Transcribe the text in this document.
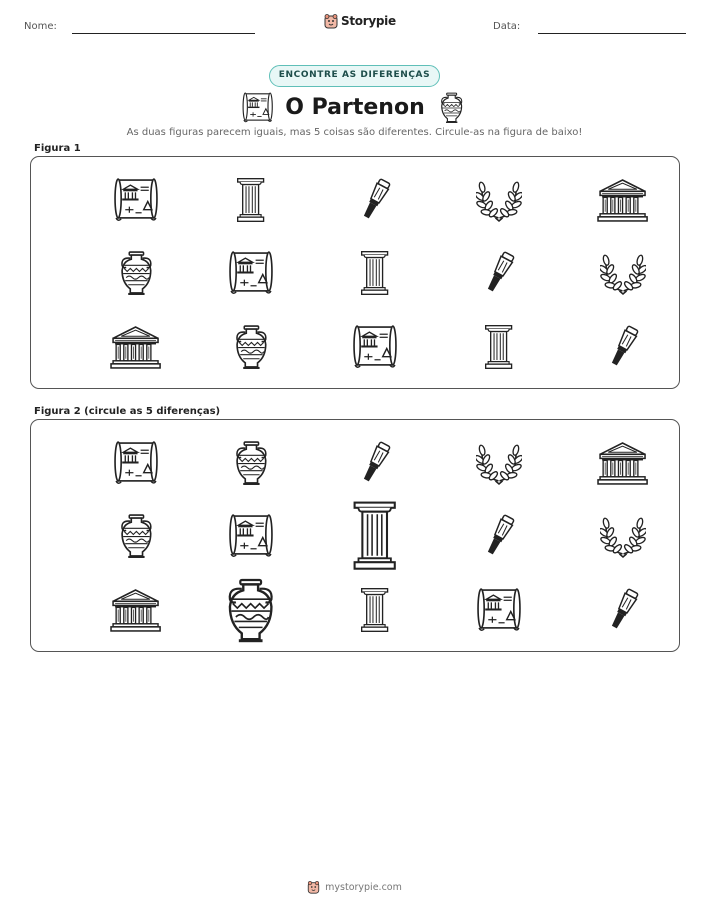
Nome:	Storypie	Data:
ENCONTRE AS DIFERENÇAS
O Partenon
As duas figuras parecem iguais, mas 5 coisas são diferentes. Circule-as na figura de baixo!
Figura 1
Figura 2 (circule as 5 diferenças)
mystorypie.com
